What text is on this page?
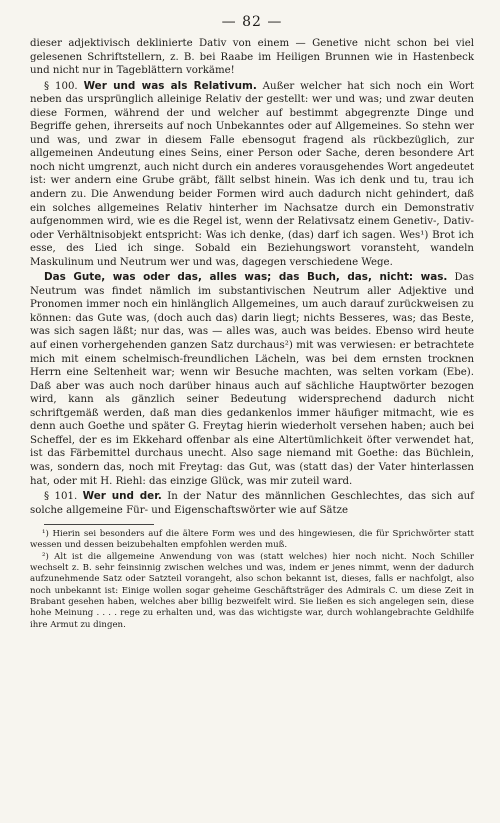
— 82 —

dieser adjektivisch deklinierte Dativ von einem — Genetive nicht schon bei viel gelesenen Schriftstellern, z. B. bei Raabe im Heiligen Brunnen wie in Hastenbeck und nicht nur in Tageblättern vorkäme!

§ 100. Wer und was als Relativum. Außer welcher hat sich noch ein Wort neben das ursprünglich alleinige Relativ der gestellt: wer und was; und zwar deuten diese Formen, während der und welcher auf bestimmt abgegrenzte Dinge und Begriffe gehen, ihrerseits auf noch Unbekanntes oder auf Allgemeines. So stehn wer und was, und zwar in diesem Falle ebensogut fragend als rückbezüglich, zur allgemeinen Andeutung eines Seins, einer Person oder Sache, deren besondere Art noch nicht umgrenzt, auch nicht durch ein anderes vorausgehendes Wort angedeutet ist: wer andern eine Grube gräbt, fällt selbst hinein. Was ich denk und tu, trau ich andern zu. Die Anwendung beider Formen wird auch dadurch nicht gehindert, daß ein solches allgemeines Relativ hinterher im Nachsatze durch ein Demonstrativ aufgenommen wird, wie es die Regel ist, wenn der Relativsatz einem Genetiv-, Dativ- oder Verhältnisobjekt entspricht: Was ich denke, (das) darf ich sagen. Wes¹) Brot ich esse, des Lied ich singe. Sobald ein Beziehungswort voransteht, wandeln Maskulinum und Neutrum wer und was, dagegen verschiedene Wege.

Das Gute, was oder das, alles was; das Buch, das, nicht: was. Das Neutrum was findet nämlich im substantivischen Neutrum aller Adjektive und Pronomen immer noch ein hinlänglich Allgemeines, um auch darauf zurückweisen zu können: das Gute was, (doch auch das) darin liegt; nichts Besseres, was; das Beste, was sich sagen läßt; nur das, was — alles was, auch was beides. Ebenso wird heute auf einen vorhergehenden ganzen Satz durchaus²) mit was verwiesen: er betrachtete mich mit einem schelmisch-freundlichen Lächeln, was bei dem ernsten trocknen Herrn eine Seltenheit war; wenn wir Besuche machten, was selten vorkam (Ebe). Daß aber was auch noch darüber hinaus auch auf sächliche Hauptwörter bezogen wird, kann als gänzlich seiner Bedeutung widersprechend dadurch nicht schriftgemäß werden, daß man dies gedankenlos immer häufiger mitmacht, wie es denn auch Goethe und später G. Freytag hierin wiederholt versehen haben; auch bei Scheffel, der es im Ekkehard offenbar als eine Altertümlichkeit öfter verwendet hat, ist das Färbemittel durchaus unecht. Also sage niemand mit Goethe: das Büchlein, was, sondern das, noch mit Freytag: das Gut, was (statt das) der Vater hinterlassen hat, oder mit H. Riehl: das einzige Glück, was mir zuteil ward.

§ 101. Wer und der. In der Natur des männlichen Geschlechtes, das sich auf solche allgemeine Für- und Eigenschaftswörter wie auf Sätze

¹) Hierin sei besonders auf die ältere Form wes und des hingewiesen, die für Sprichwörter statt wessen und dessen beizubehalten empfohlen werden muß.

²) Alt ist die allgemeine Anwendung von was (statt welches) hier noch nicht. Noch Schiller wechselt z. B. sehr feinsinnig zwischen welches und was, indem er jenes nimmt, wenn der dadurch aufzunehmende Satz oder Satzteil vorangeht, also schon bekannt ist, dieses, falls er nachfolgt, also noch unbekannt ist: Einige wollen sogar geheime Geschäftsträger des Admirals C. um diese Zeit in Brabant gesehen haben, welches aber billig bezweifelt wird. Sie ließen es sich angelegen sein, diese hohe Meinung . . . . rege zu erhalten und, was das wichtigste war, durch wohlangebrachte Geldhilfe ihre Armut zu dingen.
